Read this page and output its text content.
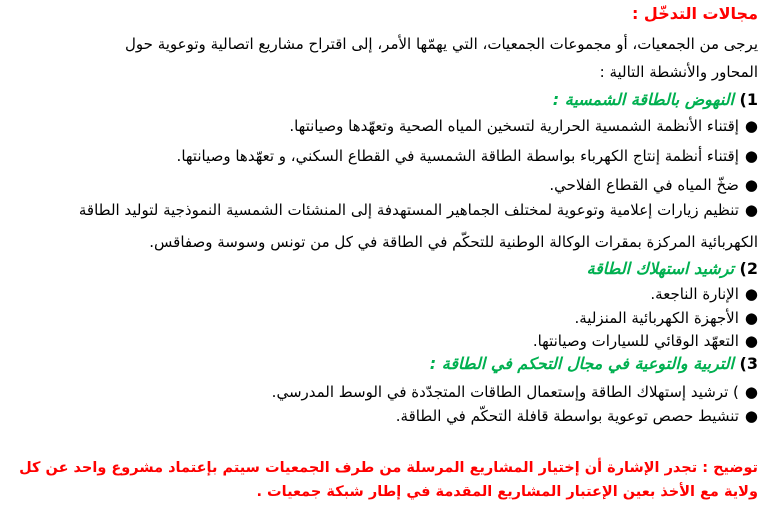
مجالات التدخّل :
يرجى من الجمعيات، أو مجموعات الجمعيات، التي يهمّها الأمر، إلى اقتراح مشاريع اتصالية وتوعوية حول
المحاور والأنشطة التالية :
1) النهوض بالطاقة الشمسية :
●إقتناء الأنظمة الشمسية الحرارية لتسخين المياه الصحية وتعهّدها وصيانتها.
●إقتناء أنظمة إنتاج الكهرباء بواسطة الطاقة الشمسية في القطاع السكني، و تعهّدها وصيانتها.
●ضخّ المياه في القطاع الفلاحي.
●تنظيم زيارات إعلامية وتوعوية لمختلف الجماهير المستهدفة إلى المنشئات الشمسية النموذجية لتوليد الطاقة
الكهربائية المركزة بمقرات الوكالة الوطنية للتحكّم في الطاقة في كل من تونس وسوسة وصفاقس.
2) ترشيد استهلاك الطاقة
●الإنارة الناجعة.
●الأجهزة الكهربائية المنزلية.
●التعهّد الوقائي للسيارات وصيانتها.
3) التربية والتوعية في مجال التحكم في الطاقة :
●) ترشيد إستهلاك الطاقة وإستعمال الطاقات المتجدّدة في الوسط المدرسي.
●تنشيط حصص توعوية بواسطة قافلة التحكّم في الطاقة.
توضيح : تجدر الإشارة أن إختيار المشاريع المرسلة من طرف الجمعيات سيتم بإعتماد مشروع واحد عن كل
ولاية مع الأخذ بعين الإعتبار المشاريع المقدمة في إطار شبكة جمعيات .
